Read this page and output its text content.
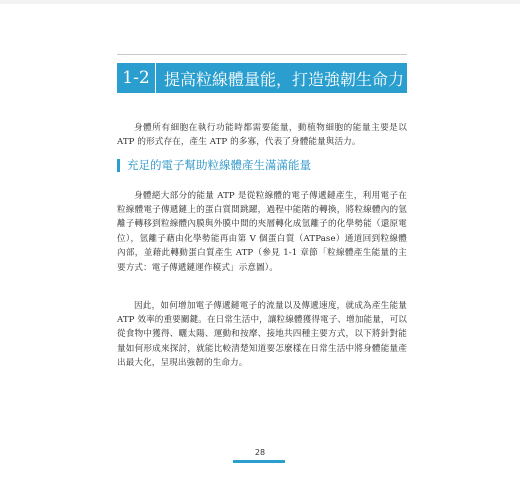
1-2 提高粒線體量能，打造強韌生命力

身體所有細胞在執行功能時都需要能量，動植物細胞的能量主要是以 ATP 的形式存在，產生 ATP 的多寡，代表了身體能量與活力。

充足的電子幫助粒線體產生滿滿能量

身體絕大部分的能量 ATP 是從粒線體的電子傳遞鏈產生，利用電子在粒線體電子傳遞鏈上的蛋白質間跳躍，過程中能階的轉換，將粒線體內的氫離子轉移到粒線體內膜與外膜中間的夾層轉化成氫離子的化學勢能（還原電位），氫離子藉由化學勢能再由第 V 個蛋白質（ATPase）通道回到粒線體內部，並藉此轉動蛋白質產生 ATP（參見 1-1 章節「粒線體產生能量的主要方式：電子傳遞鏈運作模式」示意圖）。

因此，如何增加電子傳遞鏈電子的流量以及傳遞速度，就成為產生能量 ATP 效率的重要關鍵。在日常生活中，讓粒線體獲得電子、增加能量，可以從食物中獲得、曬太陽、運動和按摩、接地共四種主要方式，以下將針對能量如何形成來探討，就能比較清楚知道要怎麼樣在日常生活中將身體能量產出最大化，呈現出強韌的生命力。

28
